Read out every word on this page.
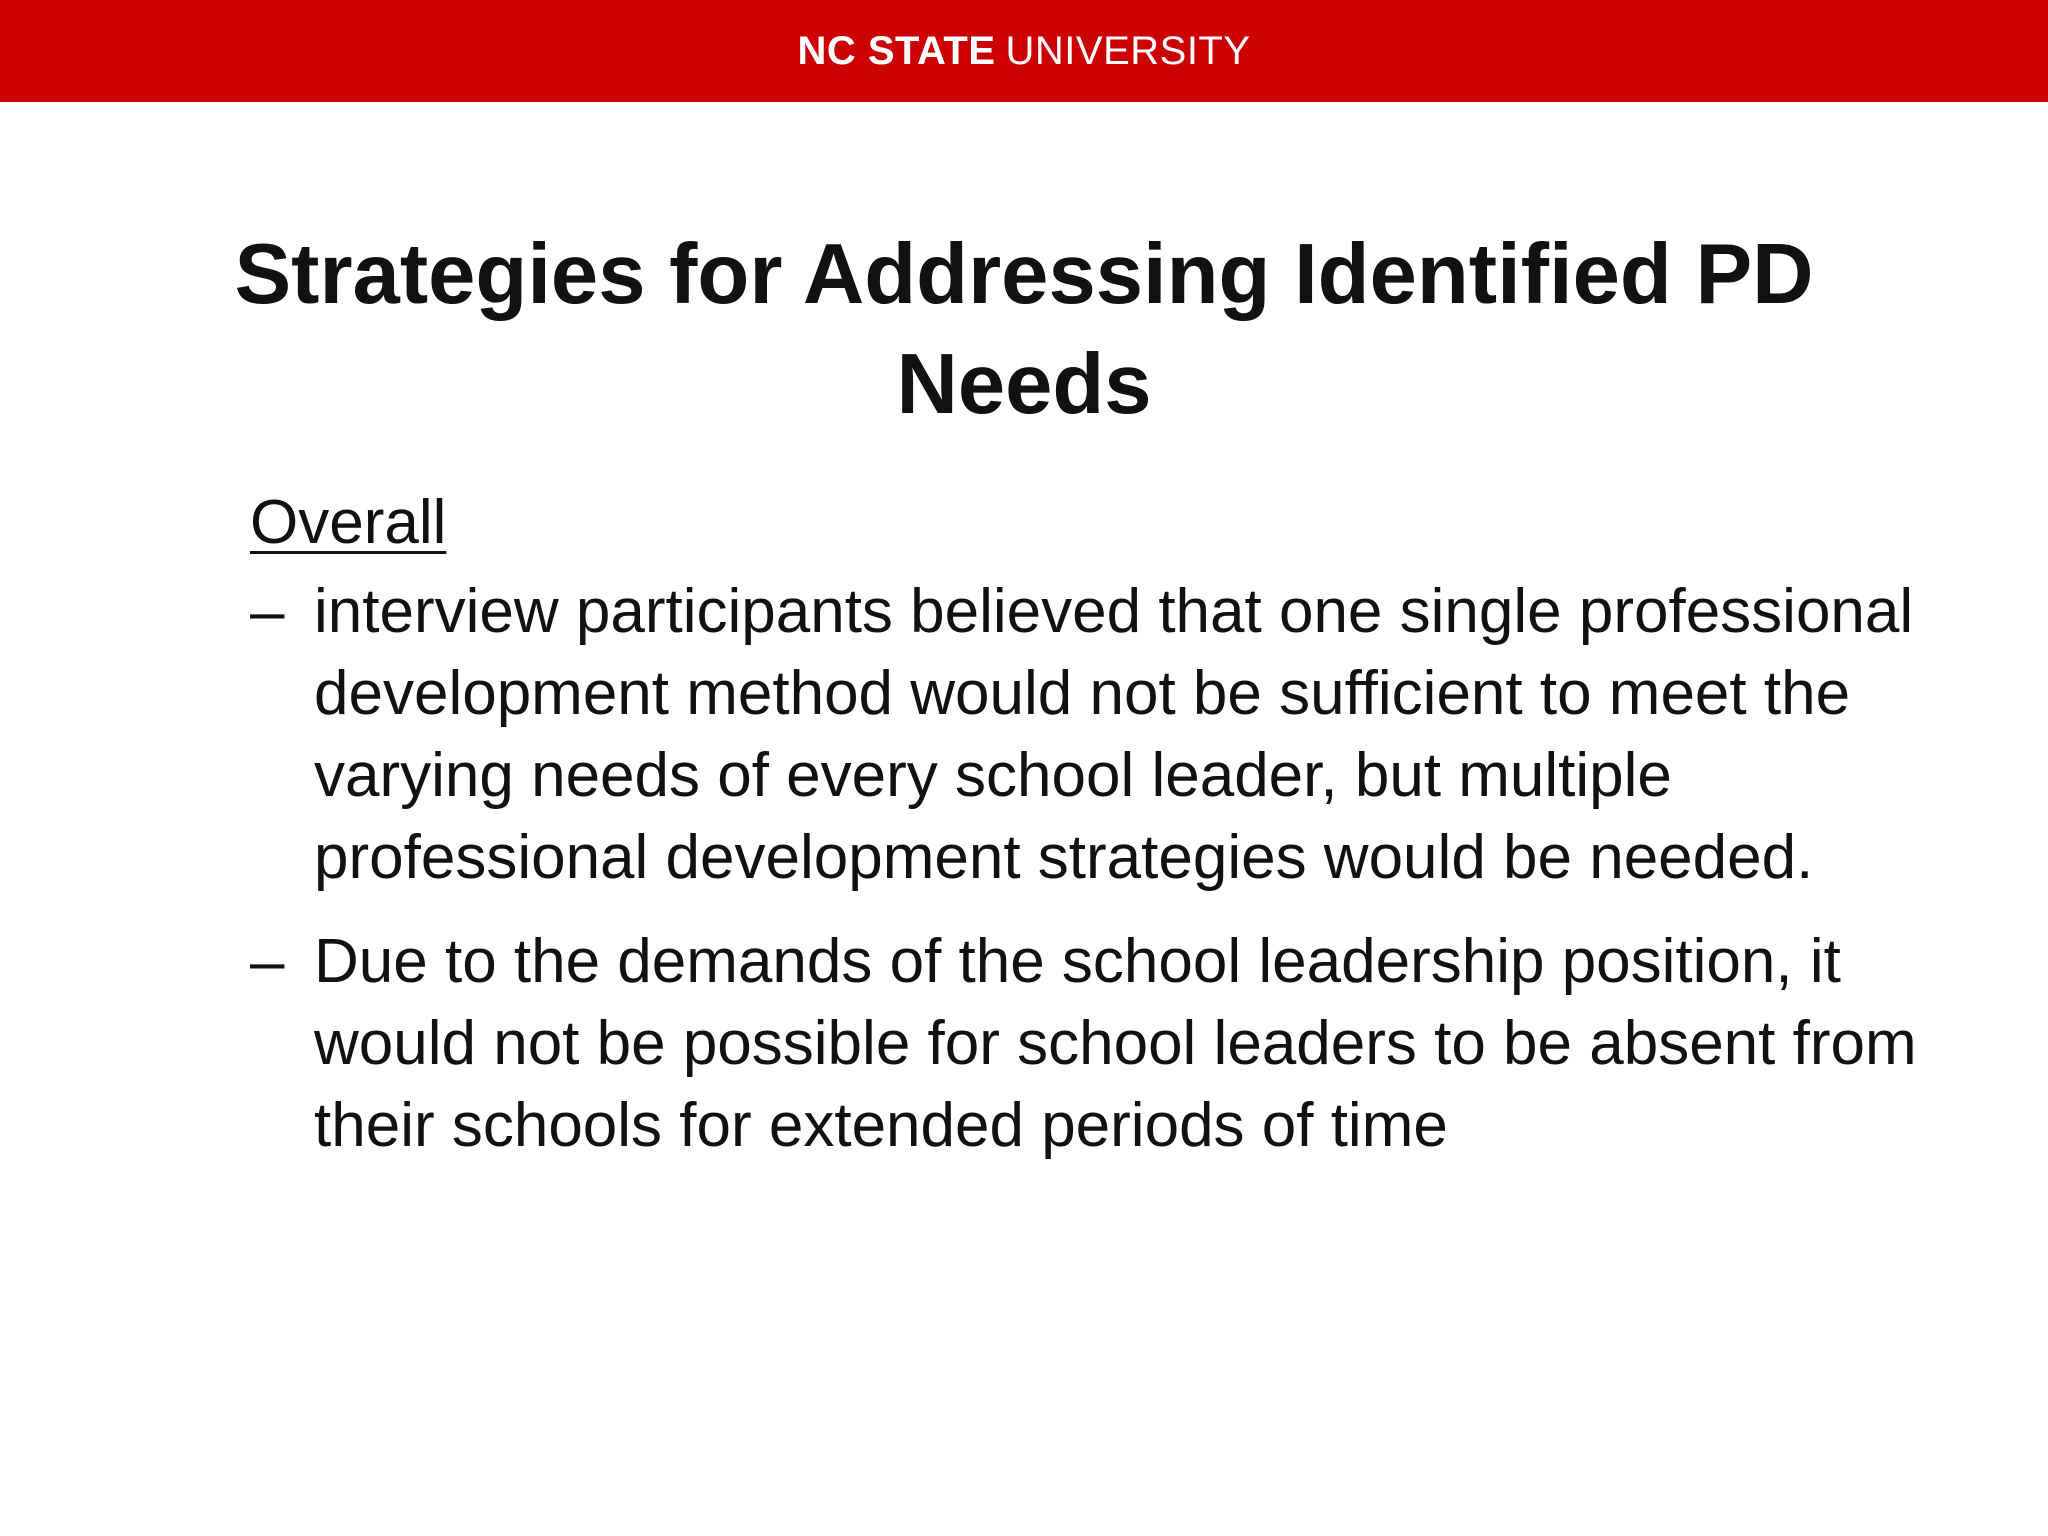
NC STATE UNIVERSITY
Strategies for Addressing Identified PD Needs
Overall
– interview participants believed that one single professional development method would not be sufficient to meet the varying needs of every school leader, but multiple professional development strategies would be needed.
– Due to the demands of the school leadership position, it would not be possible for school leaders to be absent from their schools for extended periods of time
